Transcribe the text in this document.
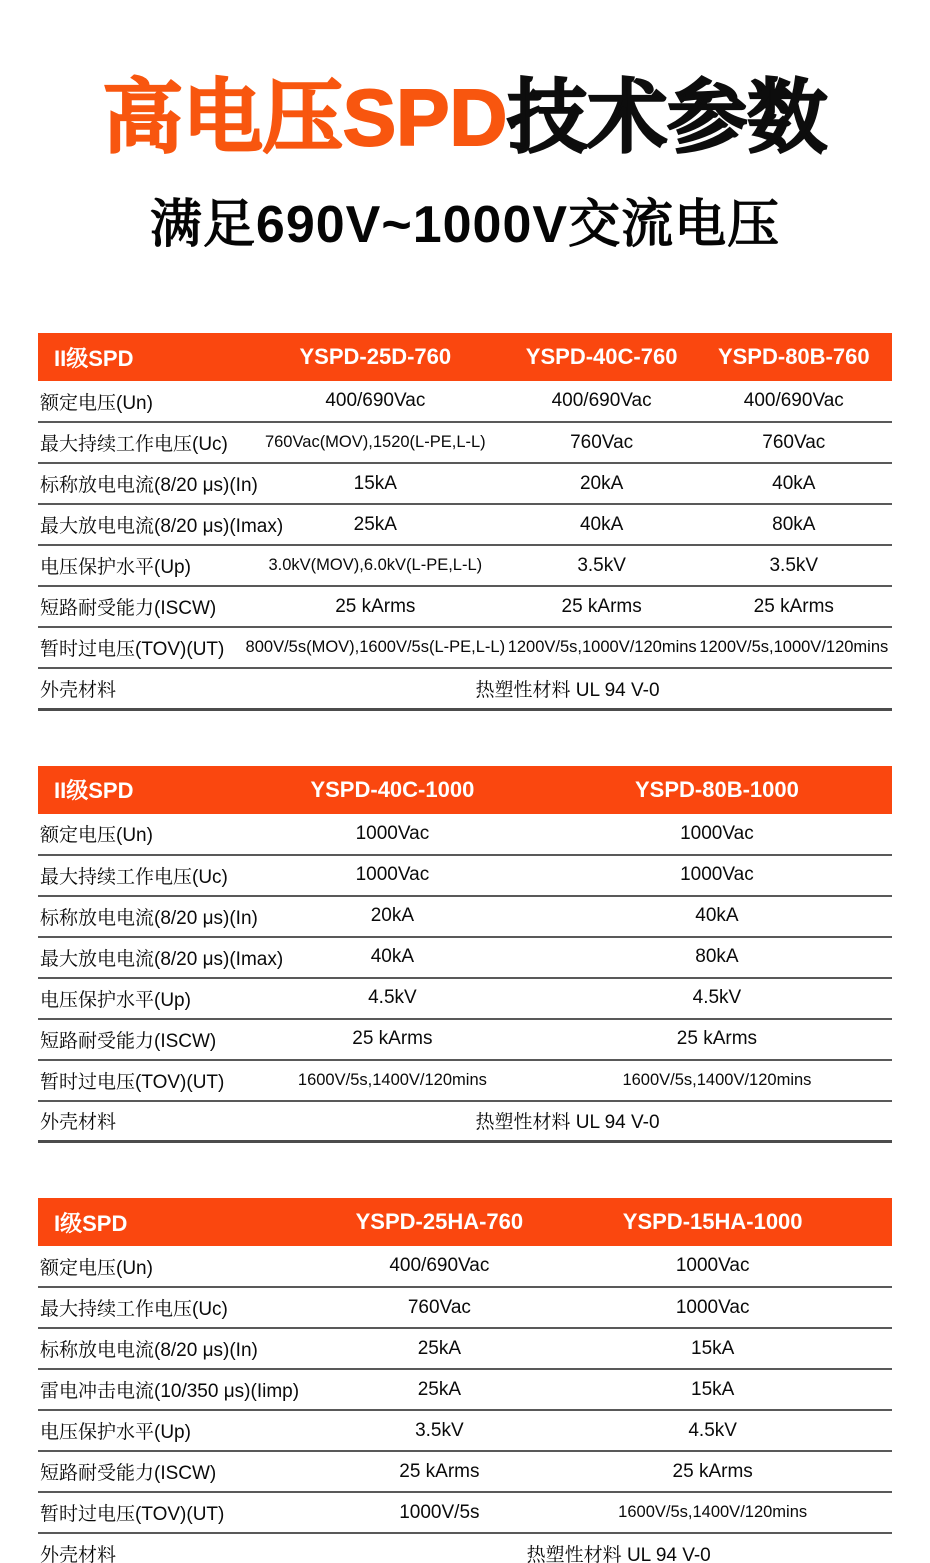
高电压SPD技术参数
满足690V~1000V交流电压
II级SPD	YSPD-25D-760	YSPD-40C-760	YSPD-80B-760
额定电压(Un)	400/690Vac	400/690Vac	400/690Vac
最大持续工作电压(Uc)	760Vac(MOV),1520(L-PE,L-L)	760Vac	760Vac
标称放电电流(8/20 μs)(In)	15kA	20kA	40kA
最大放电电流(8/20 μs)(Imax)	25kA	40kA	80kA
电压保护水平(Up)	3.0kV(MOV),6.0kV(L-PE,L-L)	3.5kV	3.5kV
短路耐受能力(ISCW)	25 kArms	25 kArms	25 kArms
暂时过电压(TOV)(UT)	800V/5s(MOV),1600V/5s(L-PE,L-L)	1200V/5s,1000V/120mins	1200V/5s,1000V/120mins
外壳材料	热塑性材料 UL 94 V-0		
II级SPD	YSPD-40C-1000	YSPD-80B-1000
额定电压(Un)	1000Vac	1000Vac
最大持续工作电压(Uc)	1000Vac	1000Vac
标称放电电流(8/20 μs)(In)	20kA	40kA
最大放电电流(8/20 μs)(Imax)	40kA	80kA
电压保护水平(Up)	4.5kV	4.5kV
短路耐受能力(ISCW)	25 kArms	25 kArms
暂时过电压(TOV)(UT)	1600V/5s,1400V/120mins	1600V/5s,1400V/120mins
外壳材料	热塑性材料 UL 94 V-0	
I级SPD	YSPD-25HA-760	YSPD-15HA-1000
额定电压(Un)	400/690Vac	1000Vac
最大持续工作电压(Uc)	760Vac	1000Vac
标称放电电流(8/20 μs)(In)	25kA	15kA
雷电冲击电流(10/350 μs)(Iimp)	25kA	15kA
电压保护水平(Up)	3.5kV	4.5kV
短路耐受能力(ISCW)	25 kArms	25 kArms
暂时过电压(TOV)(UT)	1000V/5s	1600V/5s,1400V/120mins
外壳材料	热塑性材料 UL 94 V-0	
